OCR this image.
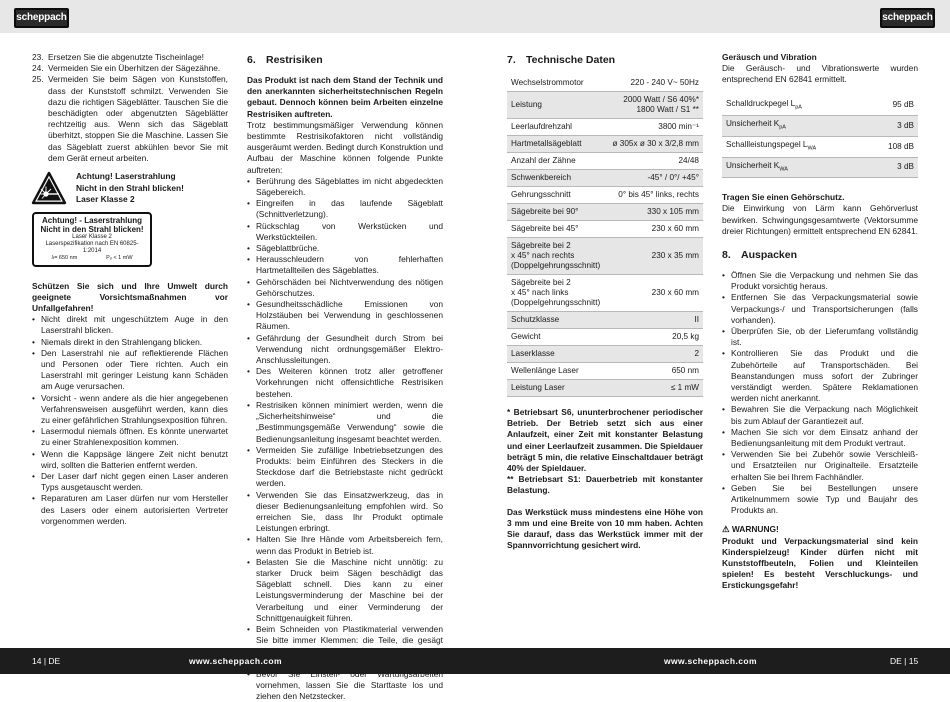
scheppach	scheppach
23. Ersetzen Sie die abgenutzte Tischeinlage!
24. Vermeiden Sie ein Überhitzen der Sägezähne.
25. Vermeiden Sie beim Sägen von Kunststoffen, dass der Kunststoff schmilzt. Verwenden Sie dazu die richtigen Sägeblätter. Tauschen Sie die beschädigten oder abgenutzten Sägeblätter rechtzeitig aus. Wenn sich das Sägeblatt überhitzt, stoppen Sie die Maschine. Lassen Sie das Sägeblatt zuerst abkühlen bevor Sie mit dem Gerät erneut arbeiten.
Achtung! Laserstrahlung
Nicht in den Strahl blicken!
Laser Klasse 2
Achtung! - Laserstrahlung
Nicht in den Strahl blicken!
Laser Klasse 2
Laserspezifikation nach EN 60825-1:2014
λ= 650 nm	Pₒ < 1 mW

Schützen Sie sich und Ihre Umwelt durch geeignete Vorsichtsmaßnahmen vor Unfallgefahren!

• Nicht direkt mit ungeschütztem Auge in den Laserstrahl blicken.
• Niemals direkt in den Strahlengang blicken.
• Den Laserstrahl nie auf reflektierende Flächen und Personen oder Tiere richten. Auch ein Laserstrahl mit geringer Leistung kann Schäden am Auge verursachen.
• Vorsicht - wenn andere als die hier angegebenen Verfahrensweisen ausgeführt werden, kann dies zu einer gefährlichen Strahlungsexposition führen.
• Lasermodul niemals öffnen. Es könnte unerwartet zu einer Strahlenexposition kommen.
• Wenn die Kappsäge längere Zeit nicht benutzt wird, sollten die Batterien entfernt werden.
• Der Laser darf nicht gegen einen Laser anderen Typs ausgetauscht werden.
• Reparaturen am Laser dürfen nur vom Hersteller des Lasers oder einem autorisierten Vertreter vorgenommen werden.
6. Restrisiken

Das Produkt ist nach dem Stand der Technik und den anerkannten sicherheitstechnischen Regeln gebaut. Dennoch können beim Arbeiten einzelne Restrisiken auftreten.

Trotz bestimmungsmäßiger Verwendung können bestimmte Restrisikofaktoren nicht vollständig ausgeräumt werden. Bedingt durch Konstruktion und Aufbau der Maschine können folgende Punkte auftreten:

• Berührung des Sägeblattes im nicht abgedeckten Sägebereich.
• Eingreifen in das laufende Sägeblatt (Schnittverletzung).
• Rückschlag von Werkstücken und Werkstückteilen.
• Sägeblattbrüche.
• Herausschleudern von fehlerhaften Hartmetallteilen des Sägeblattes.
• Gehörschäden bei Nichtverwendung des nötigen Gehörschutzes.
• Gesundheitsschädliche Emissionen von Holzstäuben bei Verwendung in geschlossenen Räumen.
• Gefährdung der Gesundheit durch Strom bei Verwendung nicht ordnungsgemäßer Elektro-Anschlussleitungen.
• Des Weiteren können trotz aller getroffener Vorkehrungen nicht offensichtliche Restrisiken bestehen.
• Restrisiken können minimiert werden, wenn die „Sicherheitshinweise“ und die „Bestimmungsgemäße Verwendung“ sowie die Bedienungsanleitung insgesamt beachtet werden.
• Vermeiden Sie zufällige Inbetriebsetzungen des Produkts: beim Einführen des Steckers in die Steckdose darf die Betriebstaste nicht gedrückt werden.
• Verwenden Sie das Einsatzwerkzeug, das in dieser Bedienungsanleitung empfohlen wird. So erreichen Sie, dass Ihr Produkt optimale Leistungen erbringt.
• Halten Sie Ihre Hände vom Arbeitsbereich fern, wenn das Produkt in Betrieb ist.
• Belasten Sie die Maschine nicht unnötig: zu starker Druck beim Sägen beschädigt das Sägeblatt schnell. Dies kann zu einer Leistungsverminderung der Maschine bei der Verarbeitung und einer Verminderung der Schnittgenauigkeit führen.
• Beim Schneiden von Plastikmaterial verwenden Sie bitte immer Klemmen: die Teile, die gesägt
• vornehmen, lassen Sie die Starttaste los und ziehen den Netzstecker.
7. Technische Daten
Wechselstrommotor	220 - 240 V~ 50Hz
Leistung	2000 Watt / S6 40%*
1800 Watt / S1 **
Leerlaufdrehzahl	3800 min⁻¹
Hartmetallsägeblatt	ø 305x ø 30 x 3/2,8 mm
Anzahl der Zähne	24/48
Schwenkbereich	-45° / 0°/ +45°
Gehrungsschnitt	0° bis 45° links, rechts
Sägebreite bei 90°	330 x 105 mm
Sägebreite bei 45°	230 x 60 mm
Sägebreite bei 2
x 45° nach rechts
(Doppelgehrungsschnitt)	230 x 35 mm
Sägebreite bei 2
x 45° nach links
(Doppelgehrungsschnitt)	230 x 60 mm
Schutzklasse	II
Gewicht	20,5 kg
Laserklasse	2
Wellenlänge Laser	650 nm
Leistung Laser	≤ 1 mW

* Betriebsart S6, ununterbrochener periodischer Betrieb. Der Betrieb setzt sich aus einer Anlaufzeit, einer Zeit mit konstanter Belastung und einer Leerlaufzeit zusammen. Die Spieldauer beträgt 5 min, die relative Einschaltdauer beträgt 40% der Spieldauer.

** Betriebsart S1: Dauerbetrieb mit konstanter Belastung.

Das Werkstück muss mindestens eine Höhe von 3 mm und eine Breite von 10 mm haben. Achten Sie darauf, dass das Werkstück immer mit der Spannvorrichtung gesichert wird.

Geräusch und Vibration

Die Geräusch- und Vibrationswerte wurden entsprechend EN 62841 ermittelt.

Schalldruckpegel $L_{pA}$	95 dB
Unsicherheit $K_{pA}$	3 dB
Schallleistungspegel $L_{WA}$	108 dB
Unsicherheit $K_{WA}$	3 dB

Tragen Sie einen Gehörschutz.

Die Einwirkung von Lärm kann Gehörverlust bewirken. Schwingungsgesamtwerte (Vektorsumme dreier Richtungen) ermittelt entsprechend EN 62841.

8. Auspacken
• Öffnen Sie die Verpackung und nehmen Sie das Produkt vorsichtig heraus.
• Entfernen Sie das Verpackungsmaterial sowie Verpackungs-/ und Transportsicherungen (falls vorhanden).
• Überprüfen Sie, ob der Lieferumfang vollständig ist.
• Kontrollieren Sie das Produkt und die Zubehörteile auf Transportschäden. Bei Beanstandungen muss sofort der Zubringer verständigt werden. Spätere Reklamationen werden nicht anerkannt.
• Bewahren Sie die Verpackung nach Möglichkeit bis zum Ablauf der Garantiezeit auf.
• Machen Sie sich vor dem Einsatz anhand der Bedienungsanleitung mit dem Produkt vertraut.
• Verwenden Sie bei Zubehör sowie Verschleiß- und Ersatzteilen nur Originalteile. Ersatzteile erhalten Sie bei Ihrem Fachhändler.
• Geben Sie bei Bestellungen unsere Artikelnummern sowie Typ und Baujahr des Produkts an.

⚠ WARNUNG!

Produkt und Verpackungsmaterial sind kein Kinderspielzeug! Kinder dürfen nicht mit Kunststoffbeuteln, Folien und Kleinteilen spielen! Es besteht Verschluckungs- und Erstickungsgefahr!

14 | DE	www.scheppach.com	www.scheppach.com	DE | 15
